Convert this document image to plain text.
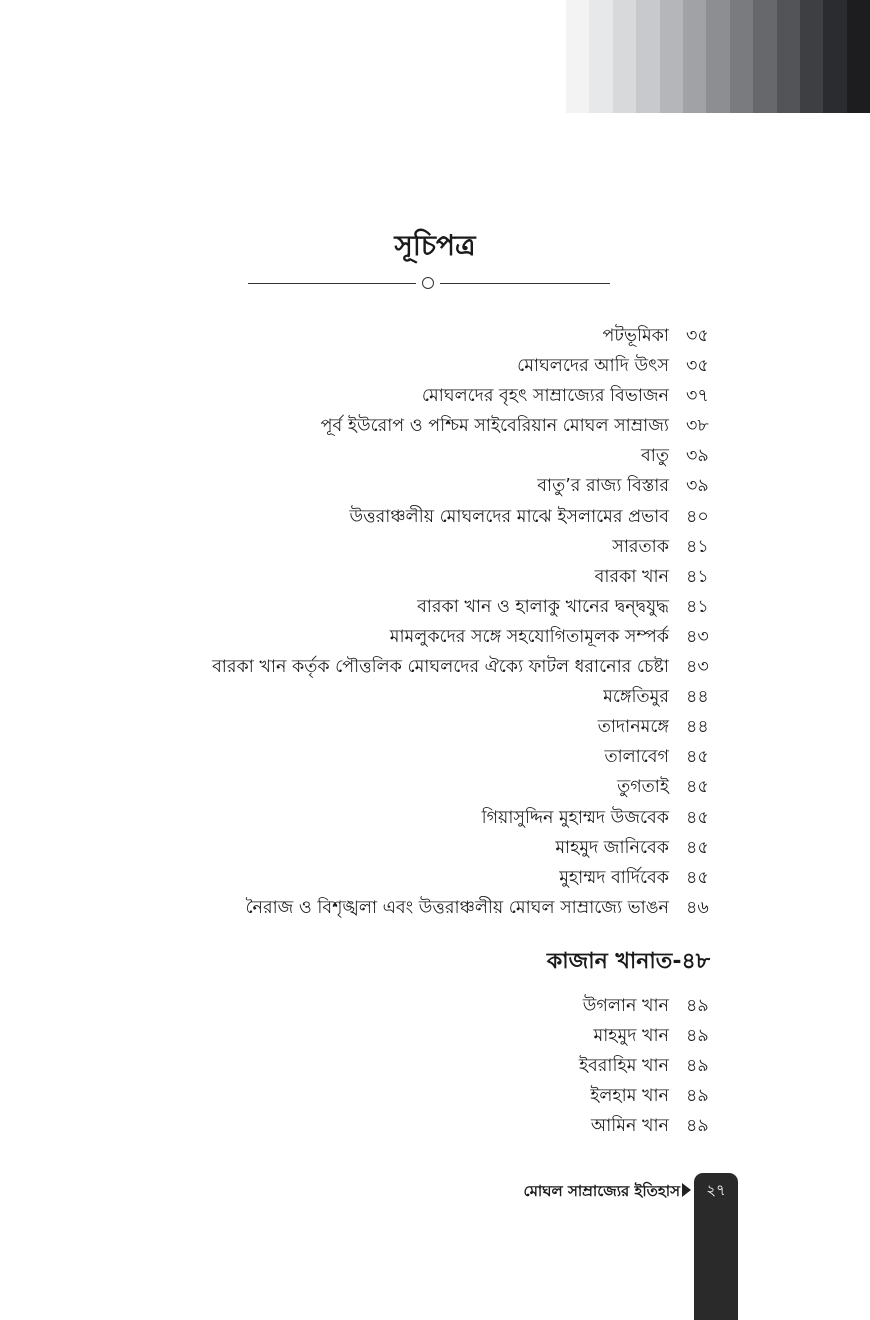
সূচিপত্র
পটভূমিকা ৩৫
মোঘলদের আদি উৎস ৩৫
মোঘলদের বৃহৎ সাম্রাজ্যের বিভাজন ৩৭
পূর্ব ইউরোপ ও পশ্চিম সাইবেরিয়ান মোঘল সাম্রাজ্য ৩৮
বাতু ৩৯
বাতু’র রাজ্য বিস্তার ৩৯
উত্তরাঞ্চলীয় মোঘলদের মাঝে ইসলামের প্রভাব ৪০
সারতাক ৪১
বারকা খান ৪১
বারকা খান ও হালাকু খানের দ্বন্দ্বযুদ্ধ ৪১
মামলুকদের সঙ্গে সহযোগিতামূলক সম্পর্ক ৪৩
বারকা খান কর্তৃক পৌত্তলিক মোঘলদের ঐক্যে ফাটল ধরানোর চেষ্টা ৪৩
মঙ্গেতিমুর ৪৪
তাদানমঙ্গে ৪৪
তালাবেগ ৪৫
তুগতাই ৪৫
গিয়াসুদ্দিন মুহাম্মদ উজবেক ৪৫
মাহমুদ জানিবেক ৪৫
মুহাম্মদ বার্দিবেক ৪৫
নৈরাজ ও বিশৃঙ্খলা এবং উত্তরাঞ্চলীয় মোঘল সাম্রাজ্যে ভাঙন ৪৬
কাজান খানাত-৪৮
উগলান খান ৪৯
মাহমুদ খান ৪৯
ইবরাহিম খান ৪৯
ইলহাম খান ৪৯
আমিন খান ৪৯
মোঘল সাম্রাজ্যের ইতিহাস	২৭
